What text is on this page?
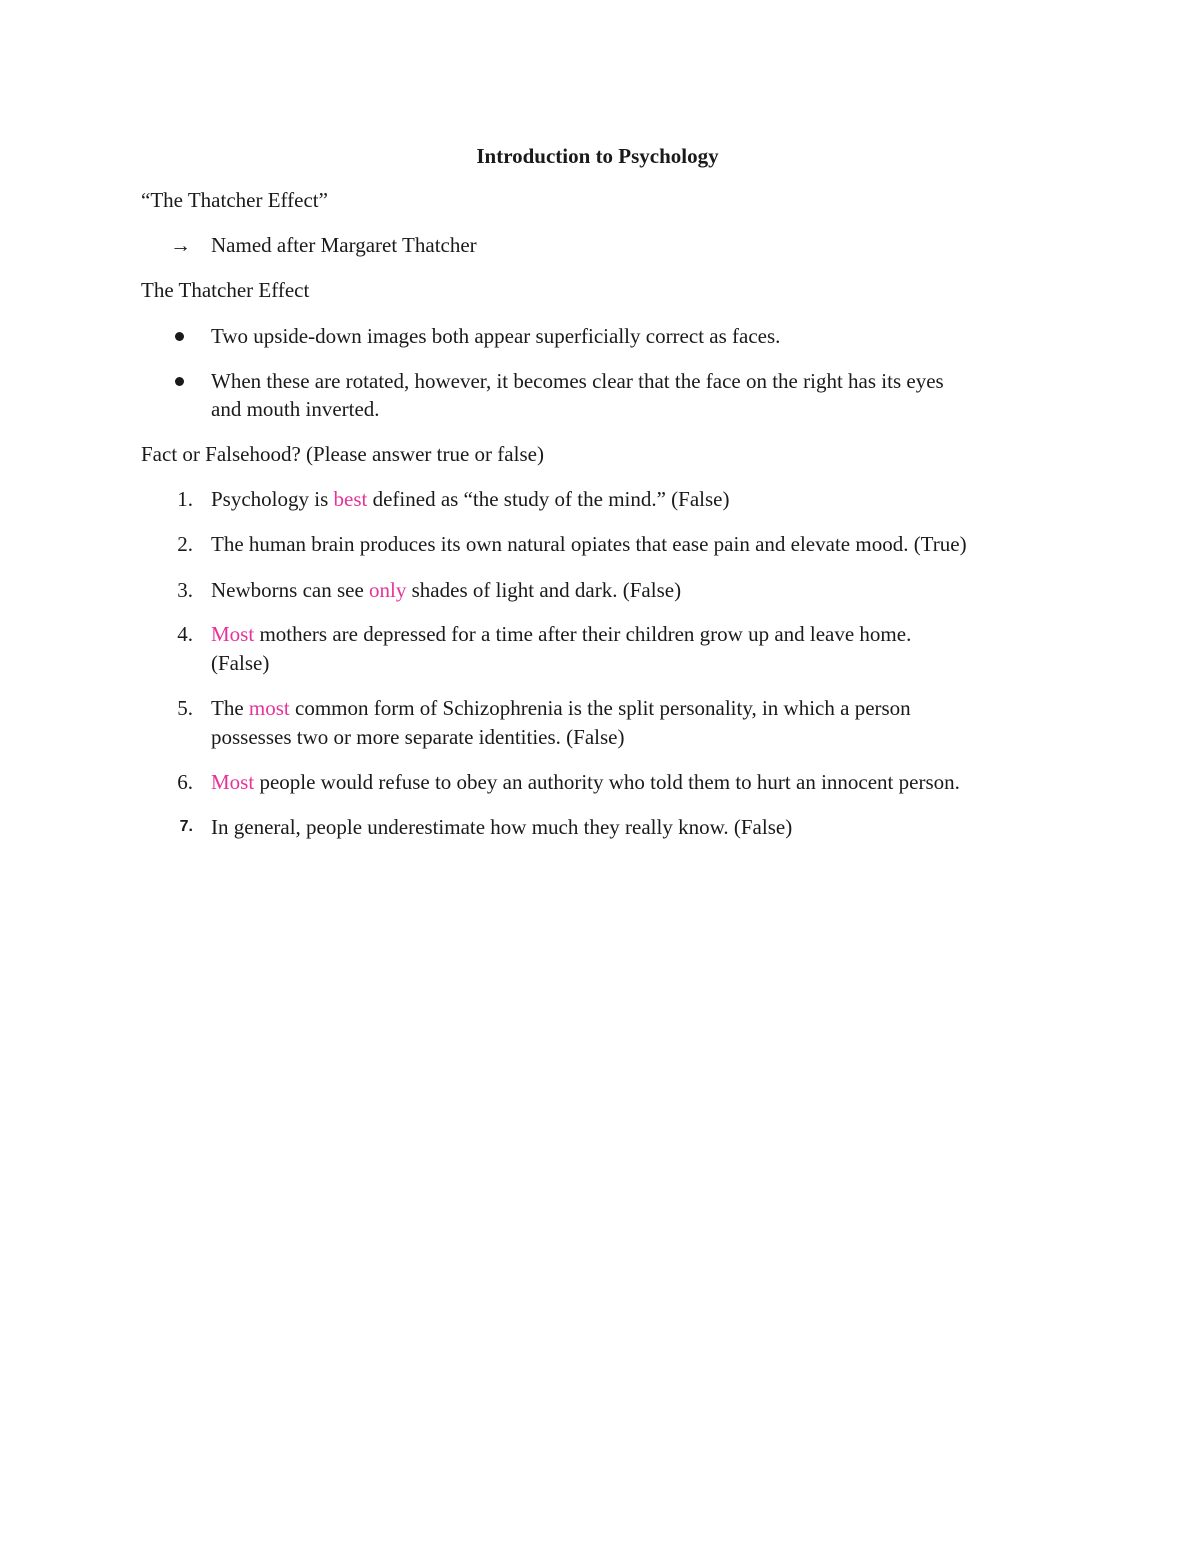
Introduction to Psychology
“The Thatcher Effect”
→ Named after Margaret Thatcher
The Thatcher Effect
Two upside-down images both appear superficially correct as faces.
When these are rotated, however, it becomes clear that the face on the right has its eyes
and mouth inverted.
Fact or Falsehood? (Please answer true or false)
1. Psychology is best defined as “the study of the mind.” (False)
2. The human brain produces its own natural opiates that ease pain and elevate mood. (True)
3. Newborns can see only shades of light and dark. (False)
4. Most mothers are depressed for a time after their children grow up and leave home.
(False)
5. The most common form of Schizophrenia is the split personality, in which a person
possesses two or more separate identities. (False)
6. Most people would refuse to obey an authority who told them to hurt an innocent person.
7. In general, people underestimate how much they really know. (False)
